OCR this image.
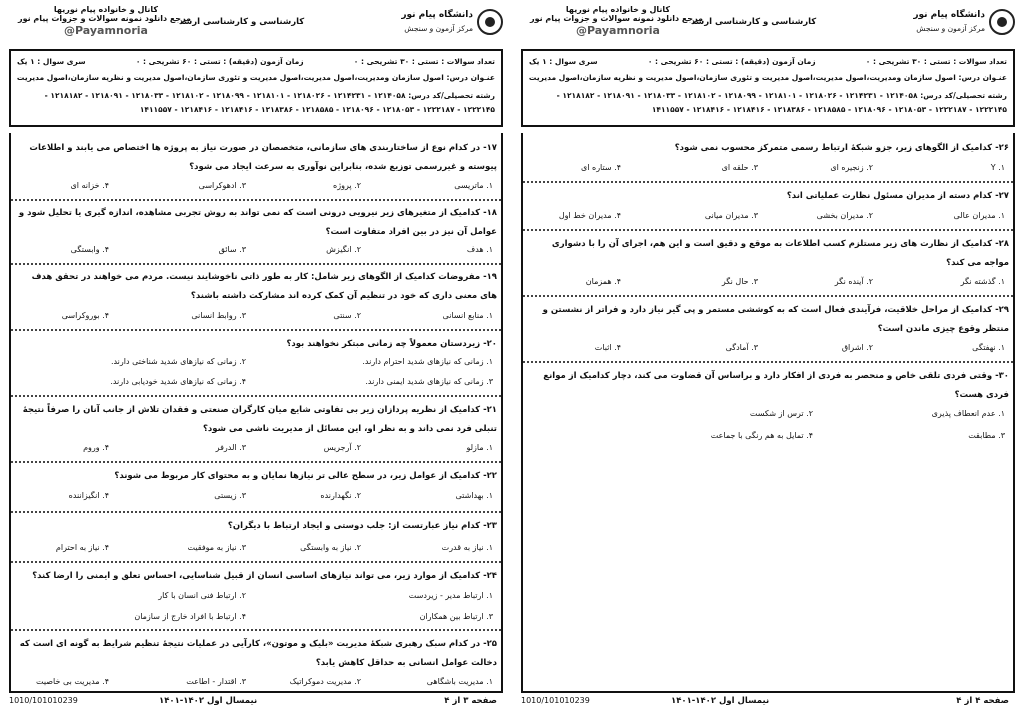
دانشگاه پیام نور
مرکز آزمون و سنجش
کارشناسی و کارشناسی ارشد
کانال و خانواده پیام نوریها
مرجع دانلود نمونه سوالات و جزوات پیام نور
@Payamnoria
تعداد سوالات : تستی : ۳۰ تشریحی : ۰
زمان آزمون (دقیقه) : تستی : ۶۰ تشریحی : ۰
سری سوال : ۱ یک
عنـوان درس: اصول سازمان ومدیریت،اصول مدیریت،اصول مدیریت و تئوری سازمان،اصول مدیریت و نظریه سازمان،اصول مدیریت
رشته تحصیلی/کد درس: ۱۲۱۴۰۵۸ - ۱۲۱۴۲۳۱ - ۱۲۱۸۰۲۶ - ۱۲۱۸۱۰۱ - ۱۲۱۸۰۹۹ - ۱۲۱۸۱۰۲ - ۱۲۱۸۰۳۳ - ۱۲۱۸۰۹۱ - ۱۲۱۸۱۸۲ - ۱۲۲۲۱۴۵ - ۱۲۲۲۱۸۷ - ۱۲۱۸۰۵۳ - ۱۲۱۸۰۹۶ - ۱۲۱۸۵۸۵ - ۱۲۱۸۳۸۶ - ۱۲۱۸۴۱۶ - ۱۲۱۸۴۱۶ - ۱۴۱۱۵۵۷
۱۷- در کدام نوع از ساختاربندی های سازمانی، متخصصان در صورت نیاز به پروژه ها اختصاص می یابند و اطلاعات پیوسته و غیررسمی توزیع شده، بنابراین نوآوری به سرعت ایجاد می شود؟
۱. ماتریسی
۲. پروژه
۳. ادهوکراسی
۴. خزانه ای
۱۸- کدامیک از متغیرهای زیر نیرویی درونی است که نمی تواند به روش تجربی مشاهده، اندازه گیری یا تحلیل شود و عوامل آن نیز در بین افراد متفاوت است؟
۱. هدف
۲. انگیزش
۳. سائق
۴. وابستگی
۱۹- مفروضات کدامیک از الگوهای زیر شامل: کار به طور ذاتی ناخوشایند نیست. مردم می خواهند در تحقق هدف های معنی داری که خود در تنظیم آن کمک کرده اند مشارکت داشته باشند؟
۱. منابع انسانی
۲. سنتی
۳. روابط انسانی
۴. بوروکراسی
۲۰- زیردستان معمولاً چه زمانی مبتکر نخواهند بود؟
۱. زمانی که نیازهای شدید احترام دارند.
۲. زمانی که نیازهای شدید شناختی دارند.
۳. زمانی که نیازهای شدید ایمنی دارند.
۴. زمانی که نیازهای شدید خودیابی دارند.
۲۱- کدامیک از نظریه پردازان زیر بی تفاوتی شایع میان کارگران صنعتی و فقدان تلاش از جانب آنان را صرفاً نتیجهٔ تنبلی فرد نمی داند و به نظر او، این مسائل از مدیریت ناشی می شود؟
۱. مازلو
۲. آرجریس
۳. الدرفر
۴. وروم
۲۲- کدامیک از عوامل زیر، در سطح عالی تر نیازها نمایان و به محتوای کار مربوط می شوند؟
۱. بهداشتی
۲. نگهدارنده
۳. زیستی
۴. انگیزاننده
۲۳- کدام نیاز عبارتست از: جلب دوستی و ایجاد ارتباط با دیگران؟
۱. نیاز به قدرت
۲. نیاز به وابستگی
۳. نیاز به موفقیت
۴. نیاز به احترام
۲۴- کدامیک از موارد زیر، می تواند نیازهای اساسی انسان از قبیل شناسایی، احساس تعلق و ایمنی را ارضا کند؟
۱. ارتباط مدیر - زیردست
۲. ارتباط فنی انسان با کار
۳. ارتباط بین همکاران
۴. ارتباط با افراد خارج از سازمان
۲۵- در کدام سبک رهبری شبکهٔ مدیریت «بلیک و موتون»، کارآیی در عملیات نتیجهٔ تنظیم شرایط به گونه ای است که دخالت عوامل انسانی به حداقل کاهش یابد؟
۱. مدیریت باشگاهی
۲. مدیریت دموکراتیک
۳. اقتدار - اطاعت
۴. مدیریت بی خاصیت
صفحه ۳ از ۴
نیمسال اول ۱۴۰۲-۱۴۰۱
1010/101010239
دانشگاه پیام نور
مرکز آزمون و سنجش
کارشناسی و کارشناسی ارشد
کانال و خانواده پیام نوریها
مرجع دانلود نمونه سوالات و جزوات پیام نور
@Payamnoria
تعداد سوالات : تستی : ۳۰ تشریحی : ۰
زمان آزمون (دقیقه) : تستی : ۶۰ تشریحی : ۰
سری سوال : ۱ یک
عنـوان درس: اصول سازمان ومدیریت،اصول مدیریت،اصول مدیریت و تئوری سازمان،اصول مدیریت و نظریه سازمان،اصول مدیریت
رشته تحصیلی/کد درس: ۱۲۱۴۰۵۸ - ۱۲۱۴۲۳۱ - ۱۲۱۸۰۲۶ - ۱۲۱۸۱۰۱ - ۱۲۱۸۰۹۹ - ۱۲۱۸۱۰۲ - ۱۲۱۸۰۳۳ - ۱۲۱۸۰۹۱ - ۱۲۱۸۱۸۲ - ۱۲۲۲۱۴۵ - ۱۲۲۲۱۸۷ - ۱۲۱۸۰۵۳ - ۱۲۱۸۰۹۶ - ۱۲۱۸۵۸۵ - ۱۲۱۸۳۸۶ - ۱۲۱۸۴۱۶ - ۱۲۱۸۴۱۶ - ۱۴۱۱۵۵۷
۲۶- کدامیک از الگوهای زیر، جزو شبکهٔ ارتباط رسمی متمرکز محسوب نمی شود؟
۱. Y
۲. زنجیره ای
۳. حلقه ای
۴. ستاره ای
۲۷- کدام دسته از مدیران مسئول نظارت عملیاتی اند؟
۱. مدیران عالی
۲. مدیران بخشی
۳. مدیران میانی
۴. مدیران خط اول
۲۸- کدامیک از نظارت های زیر مستلزم کسب اطلاعات به موقع و دقیق است و این هم، اجرای آن را با دشواری مواجه می کند؟
۱. گذشته نگر
۲. آینده نگر
۳. حال نگر
۴. همزمان
۲۹- کدامیک از مراحل خلاقیت، فرآیندی فعال است که به کوششی مستمر و پی گیر نیاز دارد و فراتر از نشستن و منتظر وقوع چیزی ماندن است؟
۱. نهفتگی
۲. اشراق
۳. آمادگی
۴. اثبات
۳۰- وقتی فردی تلقی خاص و منحصر به فردی از افکار دارد و براساس آن قضاوت می کند، دچار کدامیک از موانع فردی هست؟
۱. عدم انعطاف پذیری
۲. ترس از شکست
۳. مطابقت
۴. تمایل به هم رنگی با جماعت
صفحه ۴ از ۴
نیمسال اول ۱۴۰۲-۱۴۰۱
1010/101010239
